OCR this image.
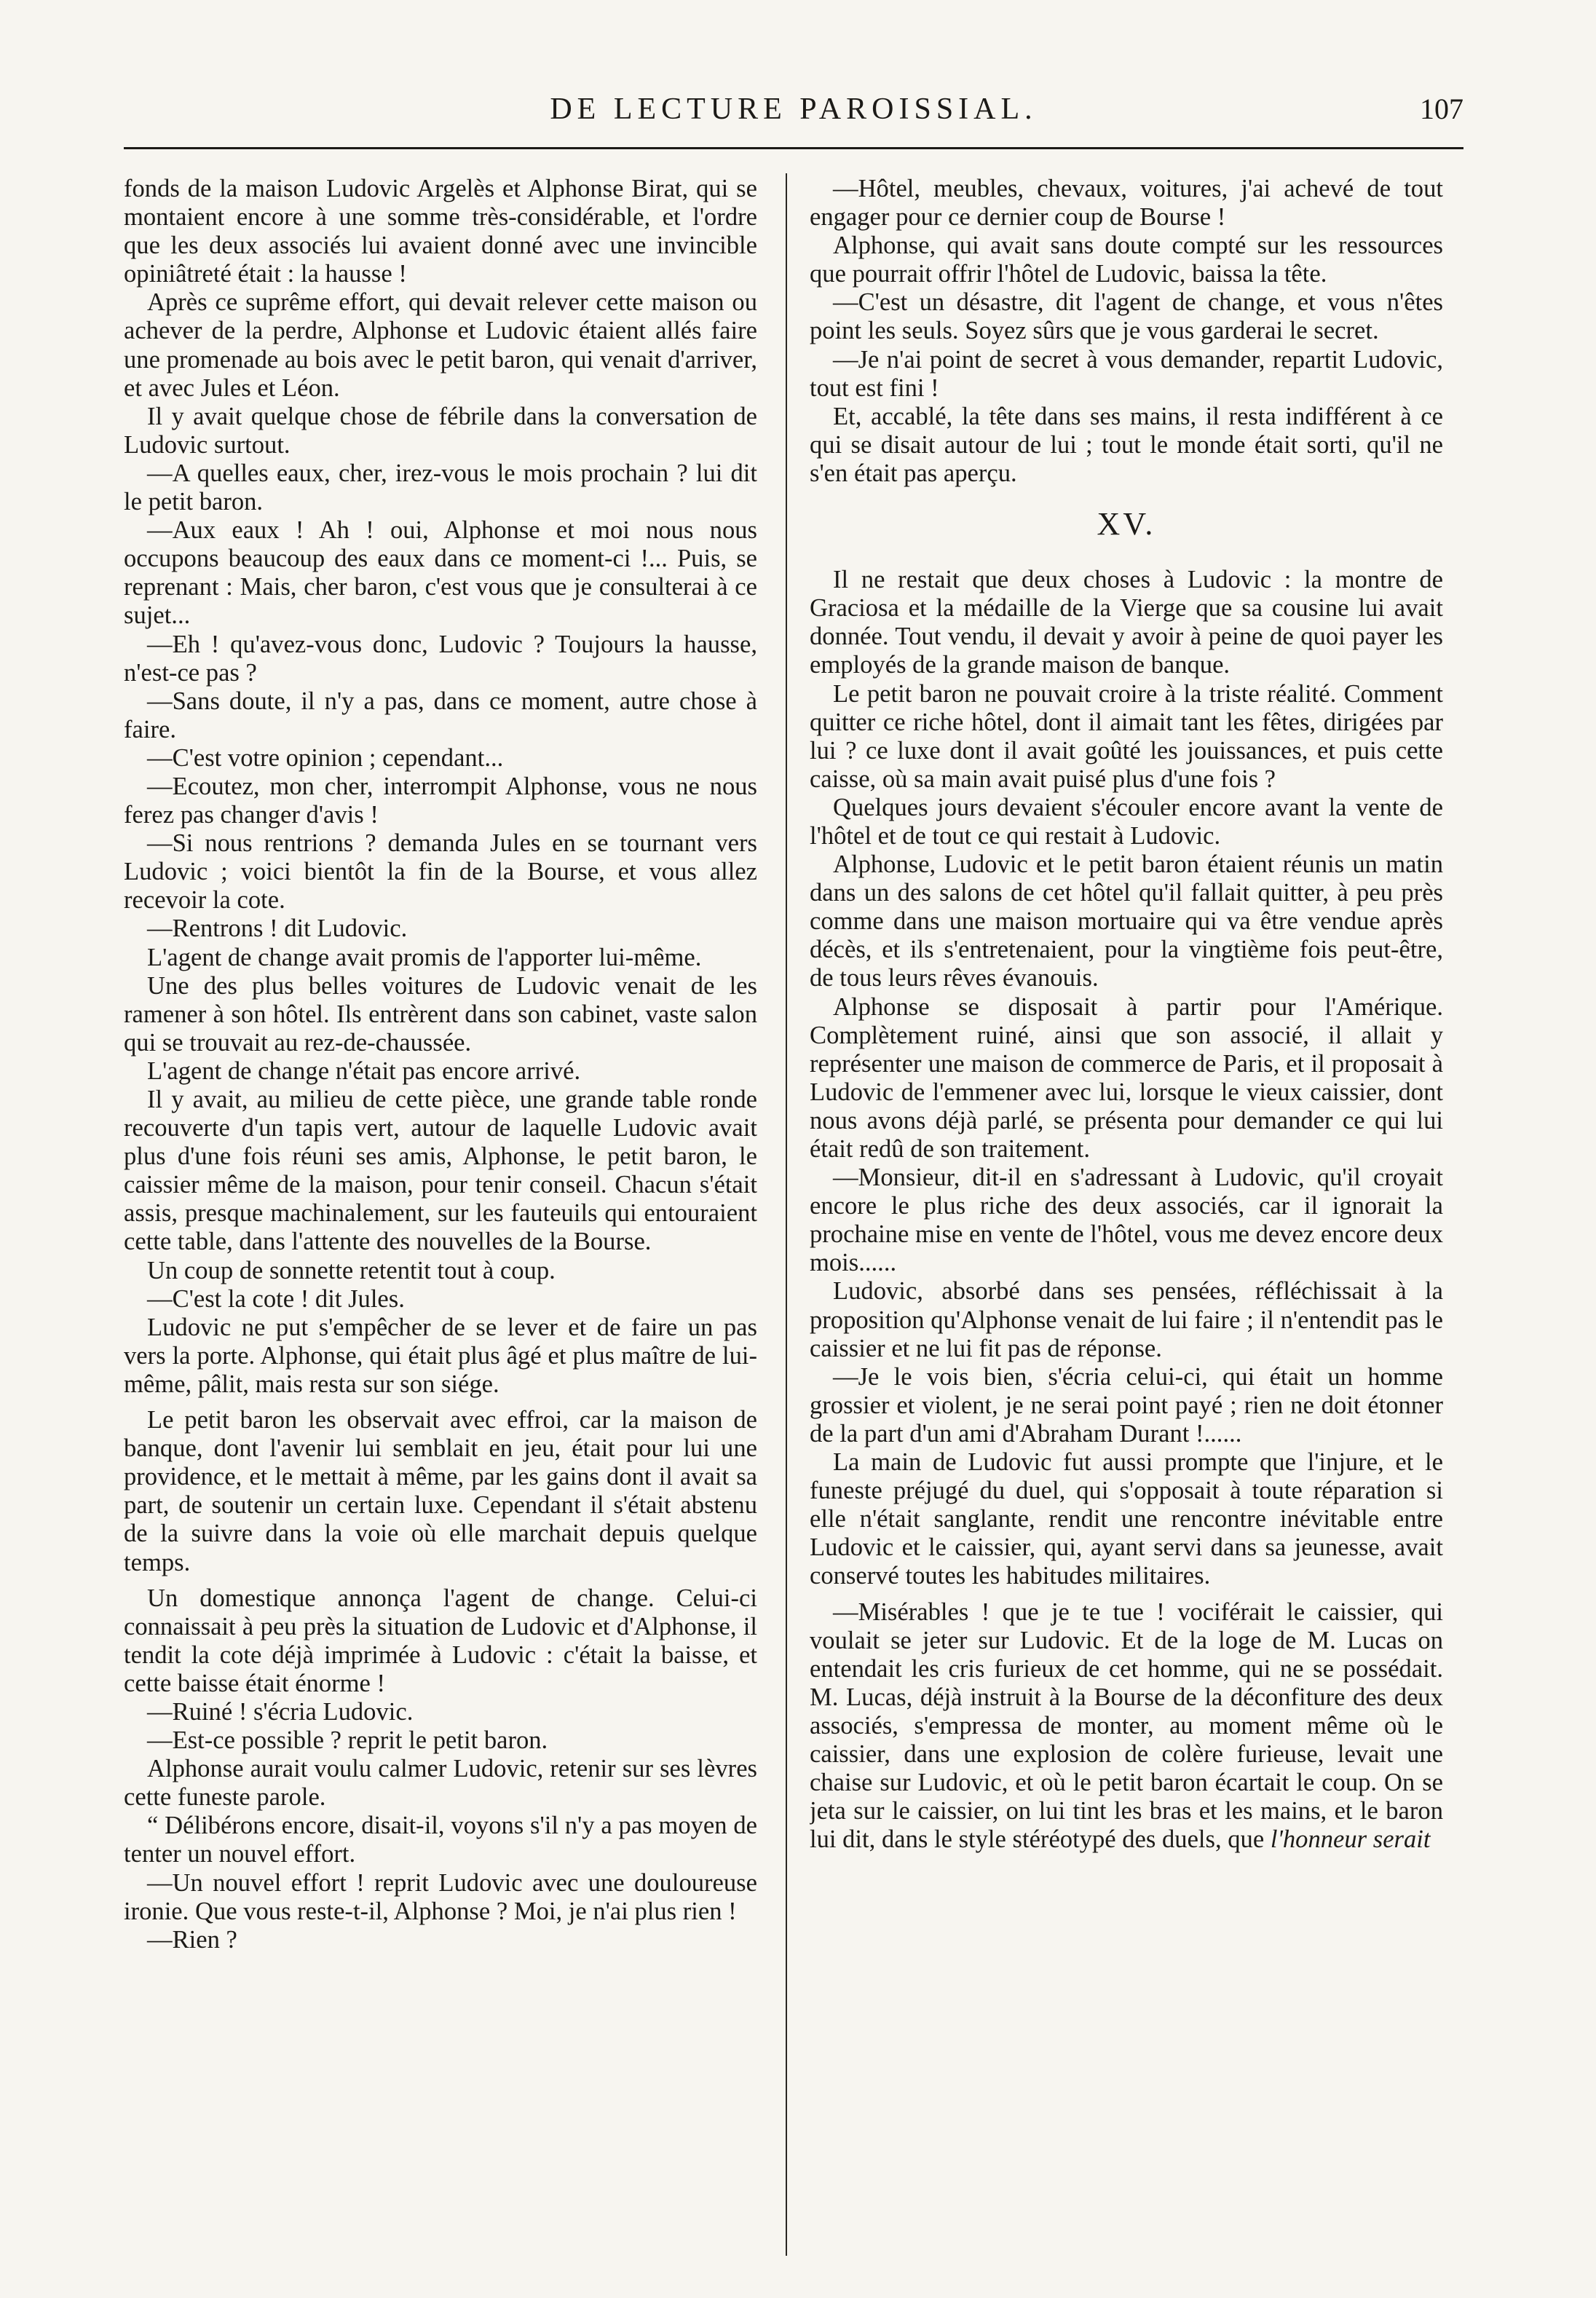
DE LECTURE PAROISSIAL.	107

fonds de la maison Ludovic Argelès et Alphonse Birat, qui se montaient encore à une somme très-considérable, et l'ordre que les deux associés lui avaient donné avec une invincible opiniâtreté était : la hausse !

Après ce suprême effort, qui devait relever cette maison ou achever de la perdre, Alphonse et Ludovic étaient allés faire une promenade au bois avec le petit baron, qui venait d'arriver, et avec Jules et Léon.

Il y avait quelque chose de fébrile dans la conversation de Ludovic surtout.

—A quelles eaux, cher, irez-vous le mois prochain ? lui dit le petit baron.

—Aux eaux ! Ah ! oui, Alphonse et moi nous nous occupons beaucoup des eaux dans ce moment-ci !... Puis, se reprenant : Mais, cher baron, c'est vous que je consulterai à ce sujet...

—Eh ! qu'avez-vous donc, Ludovic ? Toujours la hausse, n'est-ce pas ?

—Sans doute, il n'y a pas, dans ce moment, autre chose à faire.

—C'est votre opinion ; cependant...

—Ecoutez, mon cher, interrompit Alphonse, vous ne nous ferez pas changer d'avis !

—Si nous rentrions ? demanda Jules en se tournant vers Ludovic ; voici bientôt la fin de la Bourse, et vous allez recevoir la cote.

—Rentrons ! dit Ludovic.

L'agent de change avait promis de l'apporter lui-même.

Une des plus belles voitures de Ludovic venait de les ramener à son hôtel. Ils entrèrent dans son cabinet, vaste salon qui se trouvait au rez-de-chaussée.

L'agent de change n'était pas encore arrivé.

Il y avait, au milieu de cette pièce, une grande table ronde recouverte d'un tapis vert, autour de laquelle Ludovic avait plus d'une fois réuni ses amis, Alphonse, le petit baron, le caissier même de la maison, pour tenir conseil. Chacun s'était assis, presque machinalement, sur les fauteuils qui entouraient cette table, dans l'attente des nouvelles de la Bourse.

Un coup de sonnette retentit tout à coup.

—C'est la cote ! dit Jules.

Ludovic ne put s'empêcher de se lever et de faire un pas vers la porte. Alphonse, qui était plus âgé et plus maître de lui-même, pâlit, mais resta sur son siége.

Le petit baron les observait avec effroi, car la maison de banque, dont l'avenir lui semblait en jeu, était pour lui une providence, et le mettait à même, par les gains dont il avait sa part, de soutenir un certain luxe. Cependant il s'était abstenu de la suivre dans la voie où elle marchait depuis quelque temps.

Un domestique annonça l'agent de change. Celui-ci connaissait à peu près la situation de Ludovic et d'Alphonse, il tendit la cote déjà imprimée à Ludovic : c'était la baisse, et cette baisse était énorme !

—Ruiné ! s'écria Ludovic.

—Est-ce possible ? reprit le petit baron.

Alphonse aurait voulu calmer Ludovic, retenir sur ses lèvres cette funeste parole.

“ Délibérons encore, disait-il, voyons s'il n'y a pas moyen de tenter un nouvel effort.

—Un nouvel effort ! reprit Ludovic avec une douloureuse ironie. Que vous reste-t-il, Alphonse ? Moi, je n'ai plus rien !

—Rien ?

—Hôtel, meubles, chevaux, voitures, j'ai achevé de tout engager pour ce dernier coup de Bourse !

Alphonse, qui avait sans doute compté sur les ressources que pourrait offrir l'hôtel de Ludovic, baissa la tête.

—C'est un désastre, dit l'agent de change, et vous n'êtes point les seuls. Soyez sûrs que je vous garderai le secret.

—Je n'ai point de secret à vous demander, repartit Ludovic, tout est fini !

Et, accablé, la tête dans ses mains, il resta indifférent à ce qui se disait autour de lui ; tout le monde était sorti, qu'il ne s'en était pas aperçu.

XV.

Il ne restait que deux choses à Ludovic : la montre de Graciosa et la médaille de la Vierge que sa cousine lui avait donnée. Tout vendu, il devait y avoir à peine de quoi payer les employés de la grande maison de banque.

Le petit baron ne pouvait croire à la triste réalité. Comment quitter ce riche hôtel, dont il aimait tant les fêtes, dirigées par lui ? ce luxe dont il avait goûté les jouissances, et puis cette caisse, où sa main avait puisé plus d'une fois ?

Quelques jours devaient s'écouler encore avant la vente de l'hôtel et de tout ce qui restait à Ludovic.

Alphonse, Ludovic et le petit baron étaient réunis un matin dans un des salons de cet hôtel qu'il fallait quitter, à peu près comme dans une maison mortuaire qui va être vendue après décès, et ils s'entretenaient, pour la vingtième fois peut-être, de tous leurs rêves évanouis.

Alphonse se disposait à partir pour l'Amérique. Complètement ruiné, ainsi que son associé, il allait y représenter une maison de commerce de Paris, et il proposait à Ludovic de l'emmener avec lui, lorsque le vieux caissier, dont nous avons déjà parlé, se présenta pour demander ce qui lui était redû de son traitement.

—Monsieur, dit-il en s'adressant à Ludovic, qu'il croyait encore le plus riche des deux associés, car il ignorait la prochaine mise en vente de l'hôtel, vous me devez encore deux mois......

Ludovic, absorbé dans ses pensées, réfléchissait à la proposition qu'Alphonse venait de lui faire ; il n'entendit pas le caissier et ne lui fit pas de réponse.

—Je le vois bien, s'écria celui-ci, qui était un homme grossier et violent, je ne serai point payé ; rien ne doit étonner de la part d'un ami d'Abraham Durant !......

La main de Ludovic fut aussi prompte que l'injure, et le funeste préjugé du duel, qui s'opposait à toute réparation si elle n'était sanglante, rendit une rencontre inévitable entre Ludovic et le caissier, qui, ayant servi dans sa jeunesse, avait conservé toutes les habitudes militaires.

—Misérables ! que je te tue ! vociférait le caissier, qui voulait se jeter sur Ludovic. Et de la loge de M. Lucas on entendait les cris furieux de cet homme, qui ne se possédait. M. Lucas, déjà instruit à la Bourse de la déconfiture des deux associés, s'empressa de monter, au moment même où le caissier, dans une explosion de colère furieuse, levait une chaise sur Ludovic, et où le petit baron écartait le coup. On se jeta sur le caissier, on lui tint les bras et les mains, et le baron lui dit, dans le style stéréotypé des duels, que l'honneur serait
